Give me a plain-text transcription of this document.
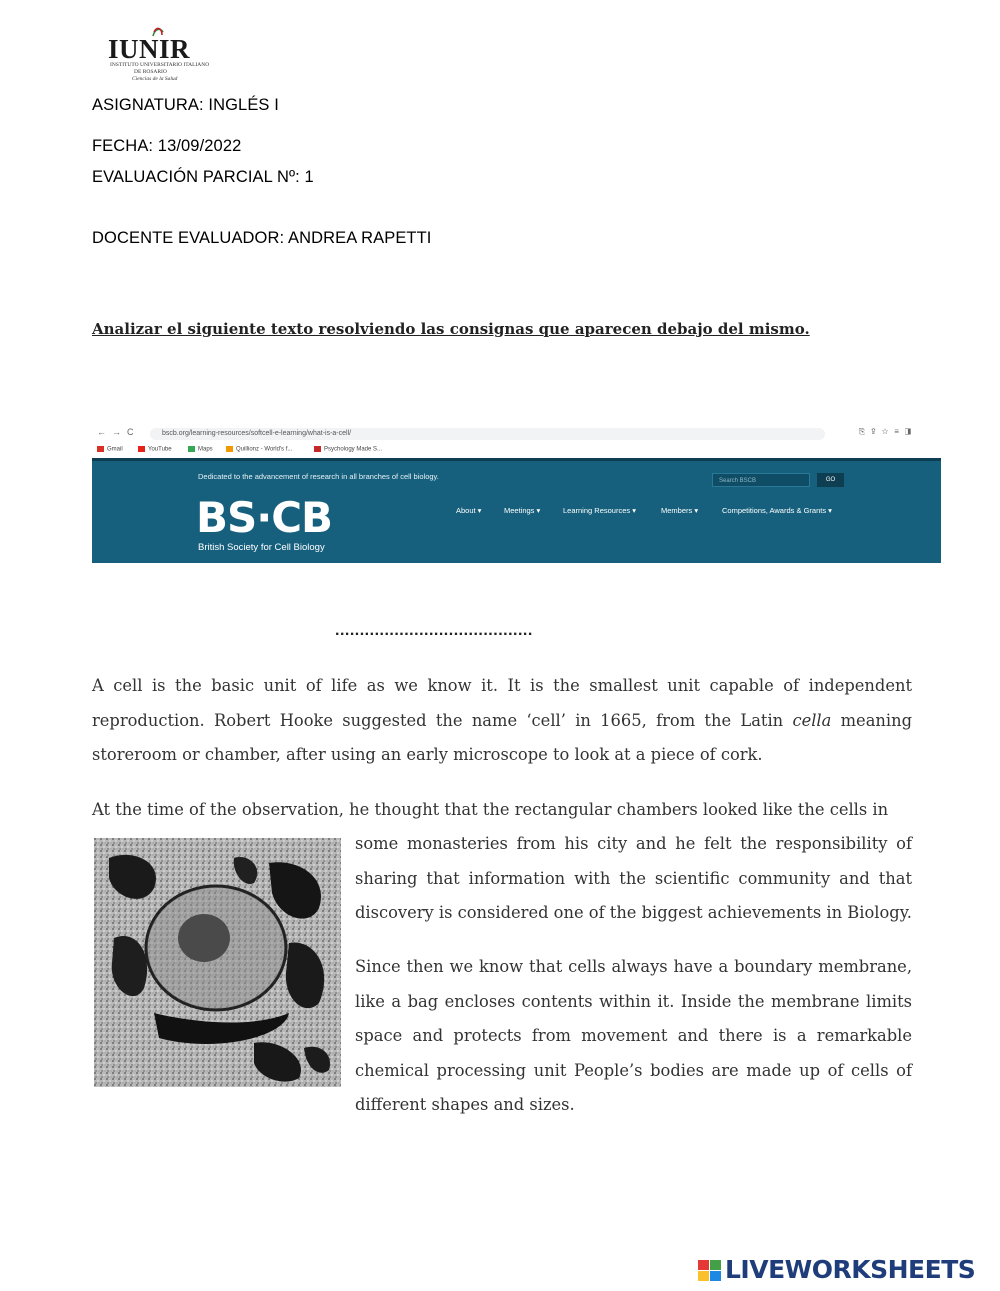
IUNIR
INSTITUTO UNIVERSITARIO ITALIANO
DE ROSARIO
Ciencias de la Salud
ASIGNATURA: INGLÉS I
FECHA: 13/09/2022
EVALUACIÓN PARCIAL Nº: 1
DOCENTE EVALUADOR: ANDREA RAPETTI
Analizar el siguiente texto resolviendo las consignas que aparecen debajo del mismo.
←→C	bscb.org/learning-resources/softcell-e-learning/what-is-a-cell/	⎘⇪☆≡◨
Gmail	YouTube	Maps	Quillionz - World's f...	Psychology Made S...
Dedicated to the advancement of research in all branches of cell biology.	Search BSCB	GO
BS·CB
British Society for Cell Biology
About ▾	Meetings ▾	Learning Resources ▾	Members ▾	Competitions, Awards & Grants ▾
........................................
A cell is the basic unit of life as we know it. It is the smallest unit capable of independent reproduction. Robert Hooke suggested the name ‘cell’ in 1665, from the Latin cella meaning storeroom or chamber, after using an early microscope to look at a piece of cork.
At the time of the observation, he thought that the rectangular chambers looked like the cells in
some monasteries from his city and he felt the responsibility of sharing that information with the scientific community and that discovery is considered one of the biggest achievements in Biology.
Since then we know that cells always have a boundary membrane, like a bag encloses contents within it. Inside the membrane limits space and protects from movement and there is a remarkable chemical processing unit People’s bodies are made up of cells of different shapes and sizes.
LIVEWORKSHEETS
